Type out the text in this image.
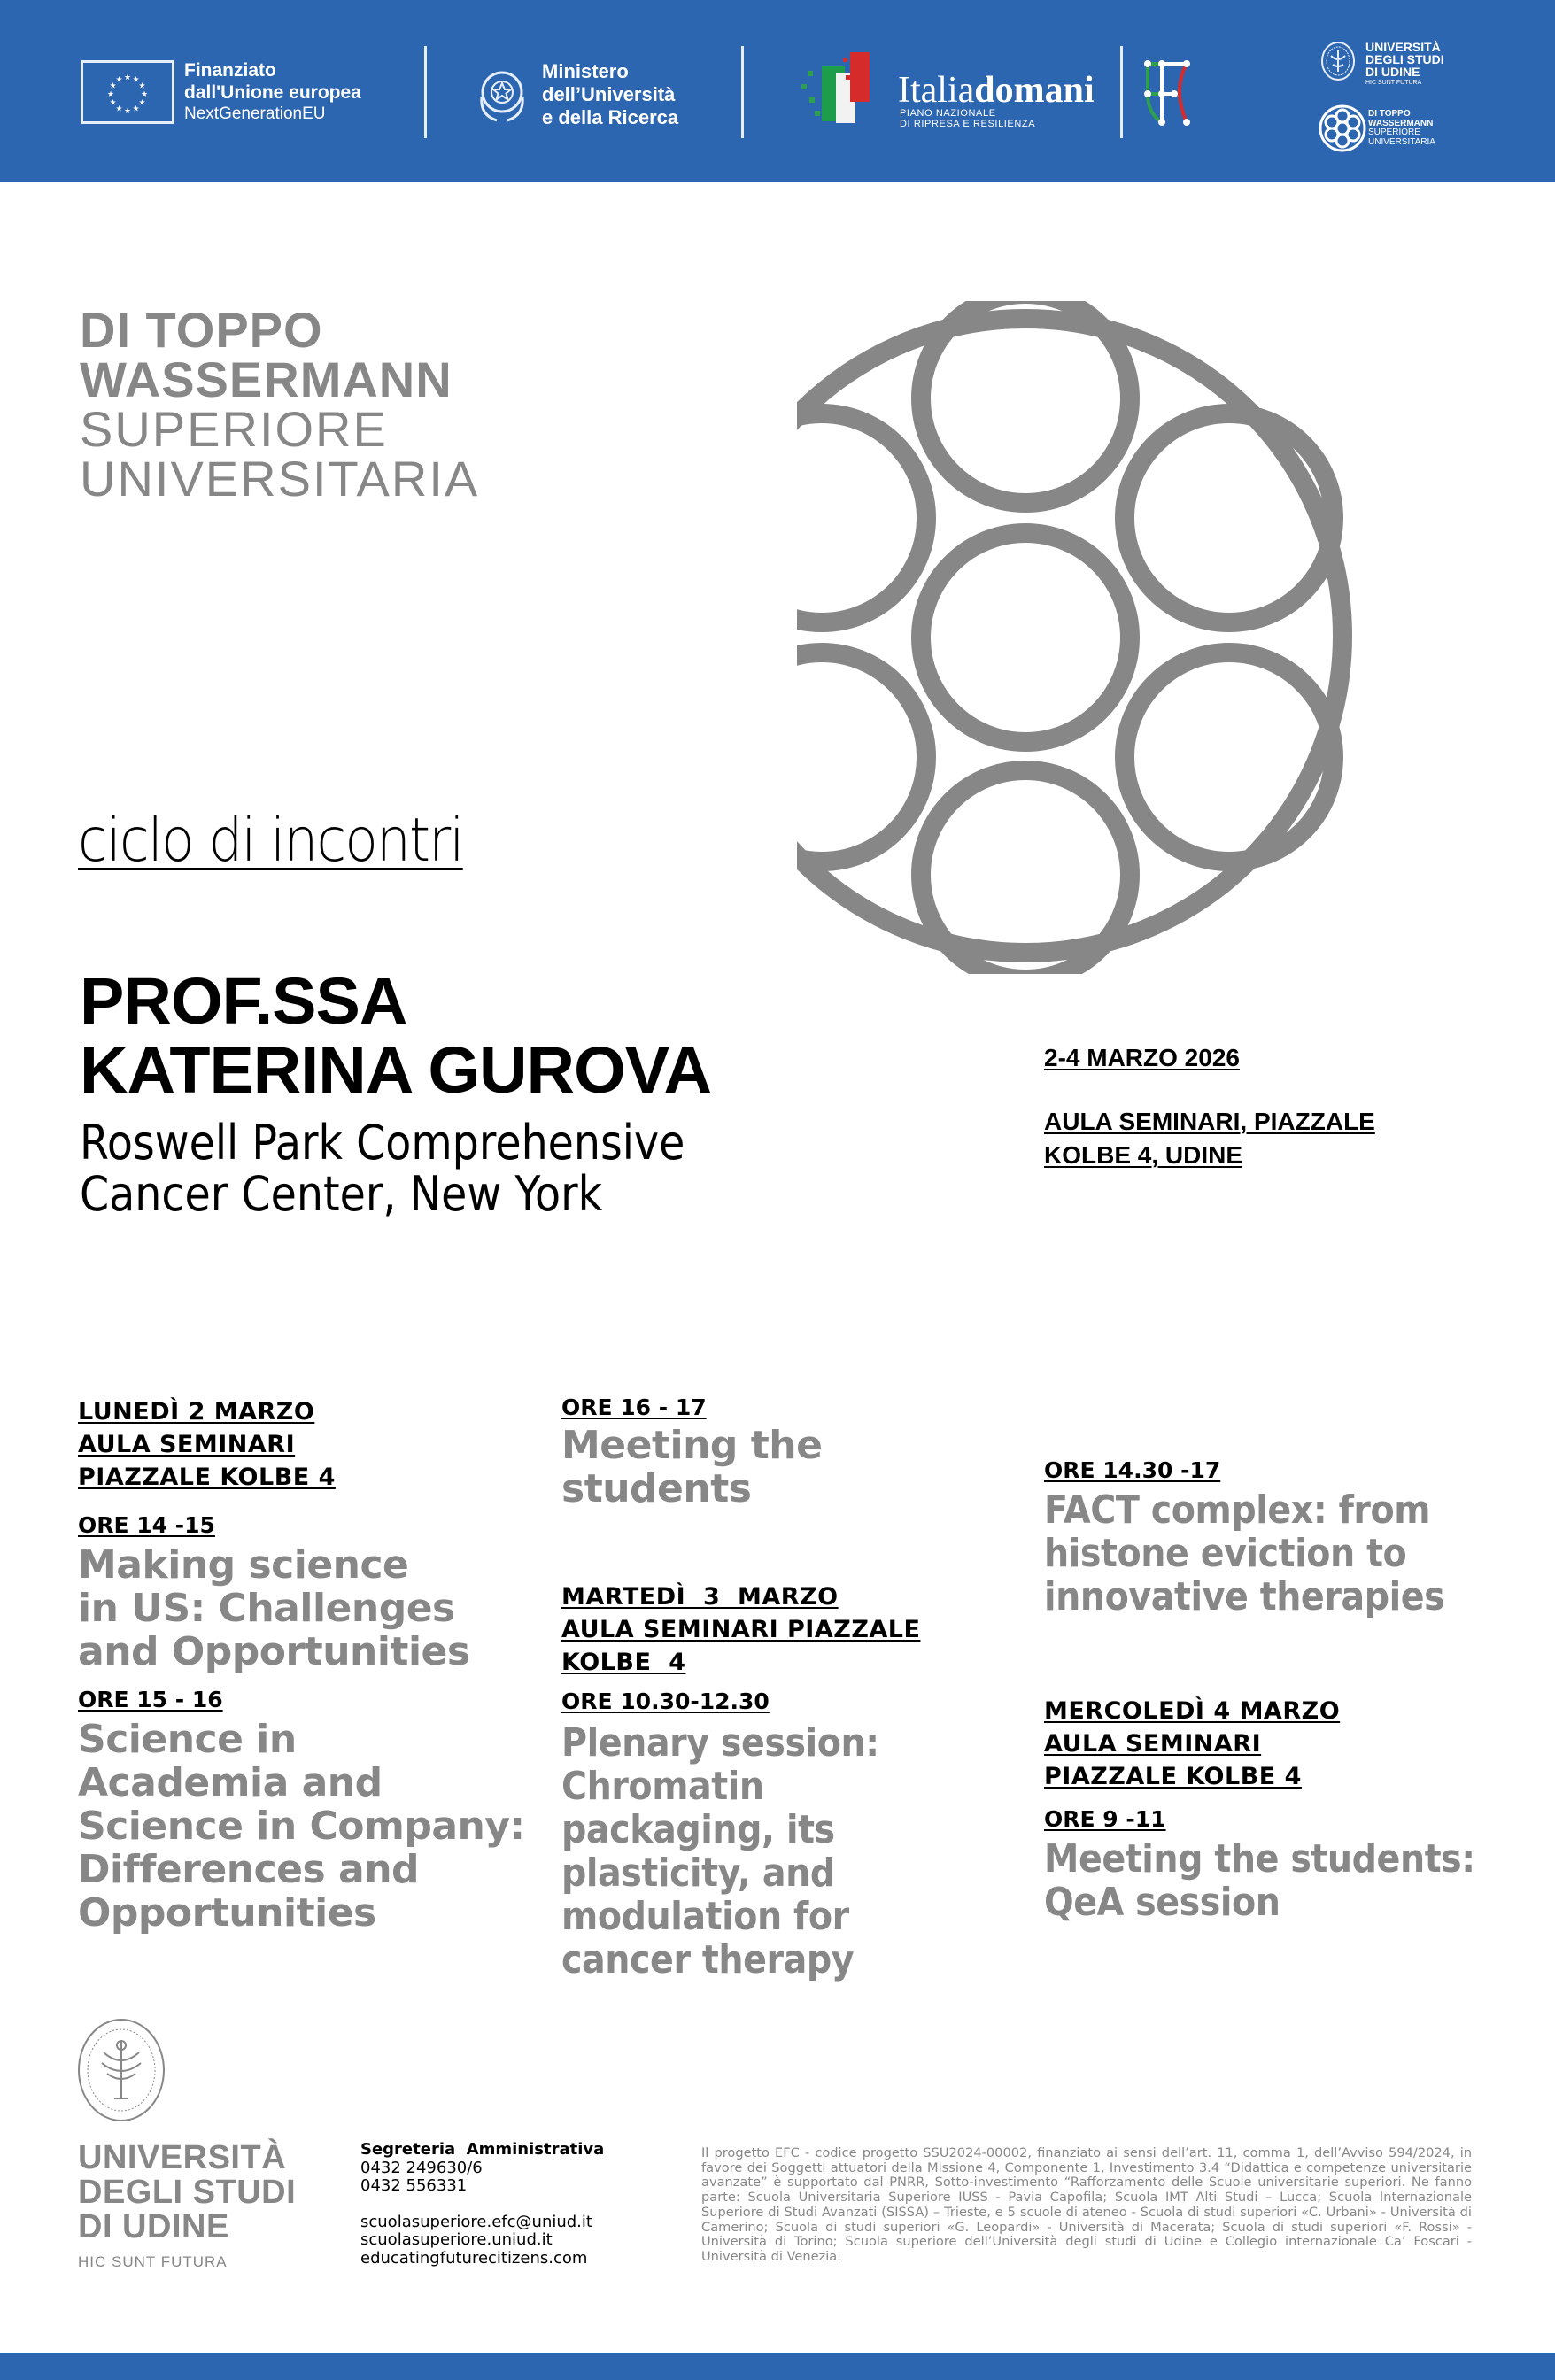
★ ★
★
★
★
★
★
★
★
★
★
★	Finanziato
dall'Unione europea
NextGenerationEU
Ministero
dell’Università
e della Ricerca
Italiadomani
PIANO NAZIONALE
DI RIPRESA E RESILIENZA
UNIVERSITÀ
DEGLI STUDI
DI UDINE
HIC SUNT FUTURA
DI TOPPO
WASSERMANN
SUPERIORE
UNIVERSITARIA
DI TOPPO
WASSERMANN
SUPERIORE
UNIVERSITARIA
ciclo di incontri
PROF.SSA
KATERINA GUROVA
Roswell Park Comprehensive
Cancer Center, New York
2-4 MARZO 2026
AULA SEMINARI, PIAZZALE
KOLBE 4, UDINE
LUNEDÌ 2 MARZO
AULA SEMINARI
PIAZZALE KOLBE 4
ORE 14 -15
Making science
in US: Challenges
and Opportunities
ORE 15 - 16
Science in
Academia and
Science in Company:
Differences and
Opportunities
ORE 16 - 17
Meeting the students
MARTEDÌ  3  MARZO
AULA SEMINARI PIAZZALE
KOLBE  4
ORE 10.30-12.30
Plenary session:
Chromatin
packaging, its
plasticity, and
modulation for
cancer therapy
ORE 14.30 -17
FACT complex: from
histone eviction to
innovative therapies
MERCOLEDÌ 4 MARZO
AULA SEMINARI
PIAZZALE KOLBE 4
ORE 9 -11
Meeting the students:
QeA session
UNIVERSITÀ
DEGLI STUDI
DI UDINE
HIC SUNT FUTURA
Segreteria  Amministrativa
0432 249630/6
0432 556331
scuolasuperiore.efc@uniud.it
scuolasuperiore.uniud.it
educatingfuturecitizens.com
Il progetto EFC - codice progetto SSU2024-00002, finanziato ai sensi dell’art. 11, comma 1, dell’Avviso 594/2024, in favore dei Soggetti attuatori della Missione 4, Componente 1, Investimento 3.4 “Didattica e competenze universitarie avanzate” è supportato dal PNRR, Sotto-investimento “Rafforzamento delle Scuole universitarie superiori. Ne fanno parte: Scuola Universitaria Superiore IUSS - Pavia Capofila; Scuola IMT Alti Studi – Lucca; Scuola Internazionale Superiore di Studi Avanzati (SISSA) – Trieste, e 5 scuole di ateneo - Scuola di studi superiori «C. Urbani» - Università di Camerino; Scuola di studi superiori «G. Leopardi» - Università di Macerata; Scuola di studi superiori «F. Rossi» - Università di Torino; Scuola superiore dell’Università degli studi di Udine e Collegio internazionale Ca’ Foscari - Università di Venezia.
